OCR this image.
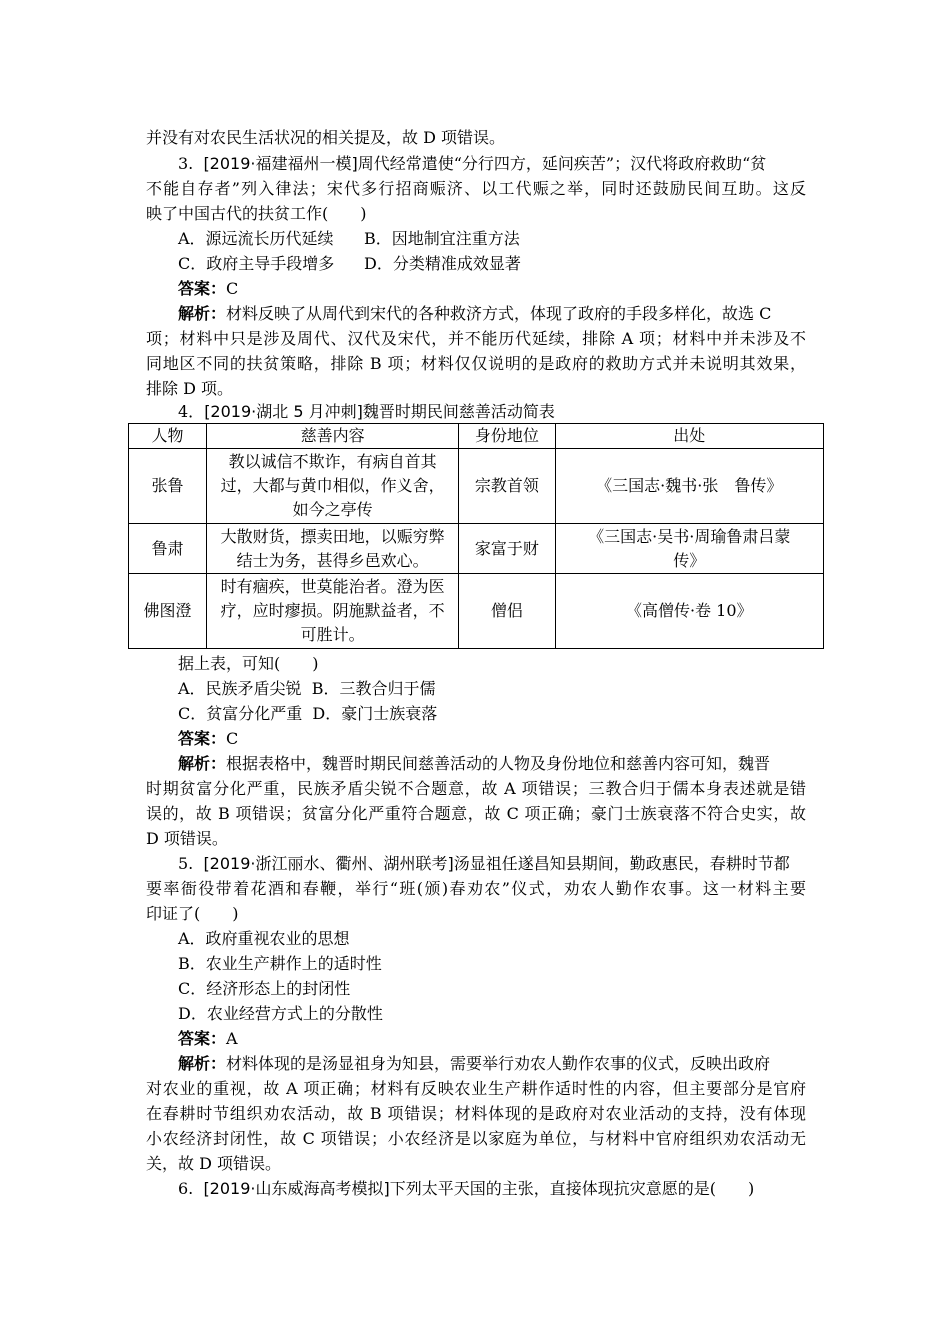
并没有对农民生活状况的相关提及，故 D 项错误。
3. [2019·福建福州一模]周代经常遣使“分行四方，延问疾苦”；汉代将政府救助“贫
不能自存者”列入律法；宋代多行招商赈济、以工代赈之举，同时还鼓励民间互助。这反
映了中国古代的扶贫工作(　　)
A．源远流长历代延续 B．因地制宜注重方法
C．政府主导手段增多 D．分类精准成效显著
答案：C
解析：材料反映了从周代到宋代的各种救济方式，体现了政府的手段多样化，故选 C
项；材料中只是涉及周代、汉代及宋代，并不能历代延续，排除 A 项；材料中并未涉及不
同地区不同的扶贫策略，排除 B 项；材料仅仅说明的是政府的救助方式并未说明其效果，
排除 D 项。
4．[2019·湖北 5 月冲刺]魏晋时期民间慈善活动简表
人物	慈善内容	身份地位	出处
张鲁	教以诚信不欺诈，有病自首其
过，大都与黄巾相似，作义舍，
如今之亭传	宗教首领	《三国志·魏书·张　鲁传》
鲁肃	大散财货，摽卖田地，以赈穷弊
结士为务，甚得乡邑欢心。	家富于财	《三国志·吴书·周瑜鲁肃吕蒙
传》
佛图澄	时有痼疾，世莫能治者。澄为医
疗，应时瘳损。阴施默益者，不
可胜计。	僧侣	《高僧传·卷 10》
据上表，可知(　　)
A．民族矛盾尖锐 B．三教合归于儒
C．贫富分化严重 D．豪门士族衰落
答案：C
解析：根据表格中，魏晋时期民间慈善活动的人物及身份地位和慈善内容可知，魏晋
时期贫富分化严重，民族矛盾尖锐不合题意，故 A 项错误；三教合归于儒本身表述就是错
误的，故 B 项错误；贫富分化严重符合题意，故 C 项正确；豪门士族衰落不符合史实，故
D 项错误。
5. [2019·浙江丽水、衢州、湖州联考]汤显祖任遂昌知县期间，勤政惠民，春耕时节都
要率衙役带着花酒和春鞭，举行“班(颁)春劝农”仪式，劝农人勤作农事。这一材料主要
印证了(　　)
A．政府重视农业的思想
B．农业生产耕作上的适时性
C．经济形态上的封闭性
D．农业经营方式上的分散性
答案：A
解析：材料体现的是汤显祖身为知县，需要举行劝农人勤作农事的仪式，反映出政府
对农业的重视，故 A 项正确；材料有反映农业生产耕作适时性的内容，但主要部分是官府
在春耕时节组织劝农活动，故 B 项错误；材料体现的是政府对农业活动的支持，没有体现
小农经济封闭性，故 C 项错误；小农经济是以家庭为单位，与材料中官府组织劝农活动无
关，故 D 项错误。
6. [2019·山东威海高考模拟]下列太平天国的主张，直接体现抗灾意愿的是(　　)
